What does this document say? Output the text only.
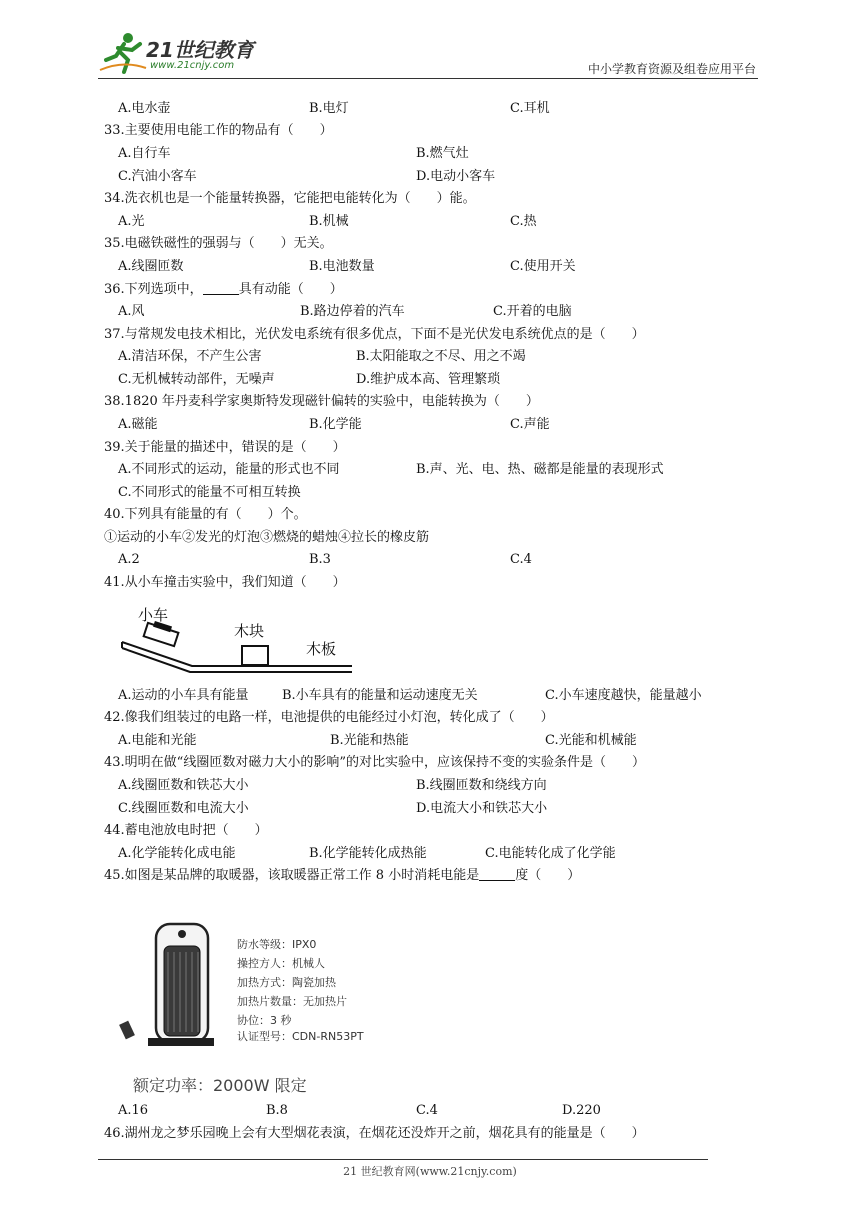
21世纪教育
www.21cnjy.com	中小学教育资源及组卷应用平台
A.电水壶	B.电灯	C.耳机
33.主要使用电能工作的物品有（　　）
A.自行车	B.燃气灶
C.汽油小客车	D.电动小客车
34.洗衣机也是一个能量转换器，它能把电能转化为（　　）能。
A.光	B.机械	C.热
35.电磁铁磁性的强弱与（　　）无关。
A.线圈匝数	B.电池数量	C.使用开关
36.下列选项中，	具有动能（　　）
A.风	B.路边停着的汽车	C.开着的电脑
37.与常规发电技术相比，光伏发电系统有很多优点，下面不是光伏发电系统优点的是（　　）
A.清洁环保，不产生公害	B.太阳能取之不尽、用之不竭
C.无机械转动部件，无噪声	D.维护成本高、管理繁琐
38.1820 年丹麦科学家奥斯特发现磁针偏转的实验中，电能转换为（　　）
A.磁能	B.化学能	C.声能
39.关于能量的描述中，错误的是（　　）
A.不同形式的运动，能量的形式也不同	B.声、光、电、热、磁都是能量的表现形式
C.不同形式的能量不可相互转换
40.下列具有能量的有（　　）个。
①运动的小车②发光的灯泡③燃烧的蜡烛④拉长的橡皮筋
A.2	B.3	C.4
41.从小车撞击实验中，我们知道（　　）
小车
木块
木板
A.运动的小车具有能量	B.小车具有的能量和运动速度无关	C.小车速度越快，能量越小
42.像我们组装过的电路一样，电池提供的电能经过小灯泡，转化成了（　　）
A.电能和光能	B.光能和热能	C.光能和机械能
43.明明在做“线圈匝数对磁力大小的影响”的对比实验中，应该保持不变的实验条件是（　　）
A.线圈匝数和铁芯大小	B.线圈匝数和绕线方向
C.线圈匝数和电流大小	D.电流大小和铁芯大小
44.蓄电池放电时把（　　）
A.化学能转化成电能	B.化学能转化成热能	C.电能转化成了化学能
45.如图是某品牌的取暖器，该取暖器正常工作 8 小时消耗电能是	度（　　）
防水等级：IPX0
操控方人：机械人
加热方式：陶瓷加热
加热片数量：无加热片
协位：3 秒
认证型号：CDN-RN53PT
额定功率：2000W 限定
A.16	B.8	C.4	D.220
46.湖州龙之梦乐园晚上会有大型烟花表演，在烟花还没炸开之前，烟花具有的能量是（　　）
21 世纪教育网(www.21cnjy.com)
